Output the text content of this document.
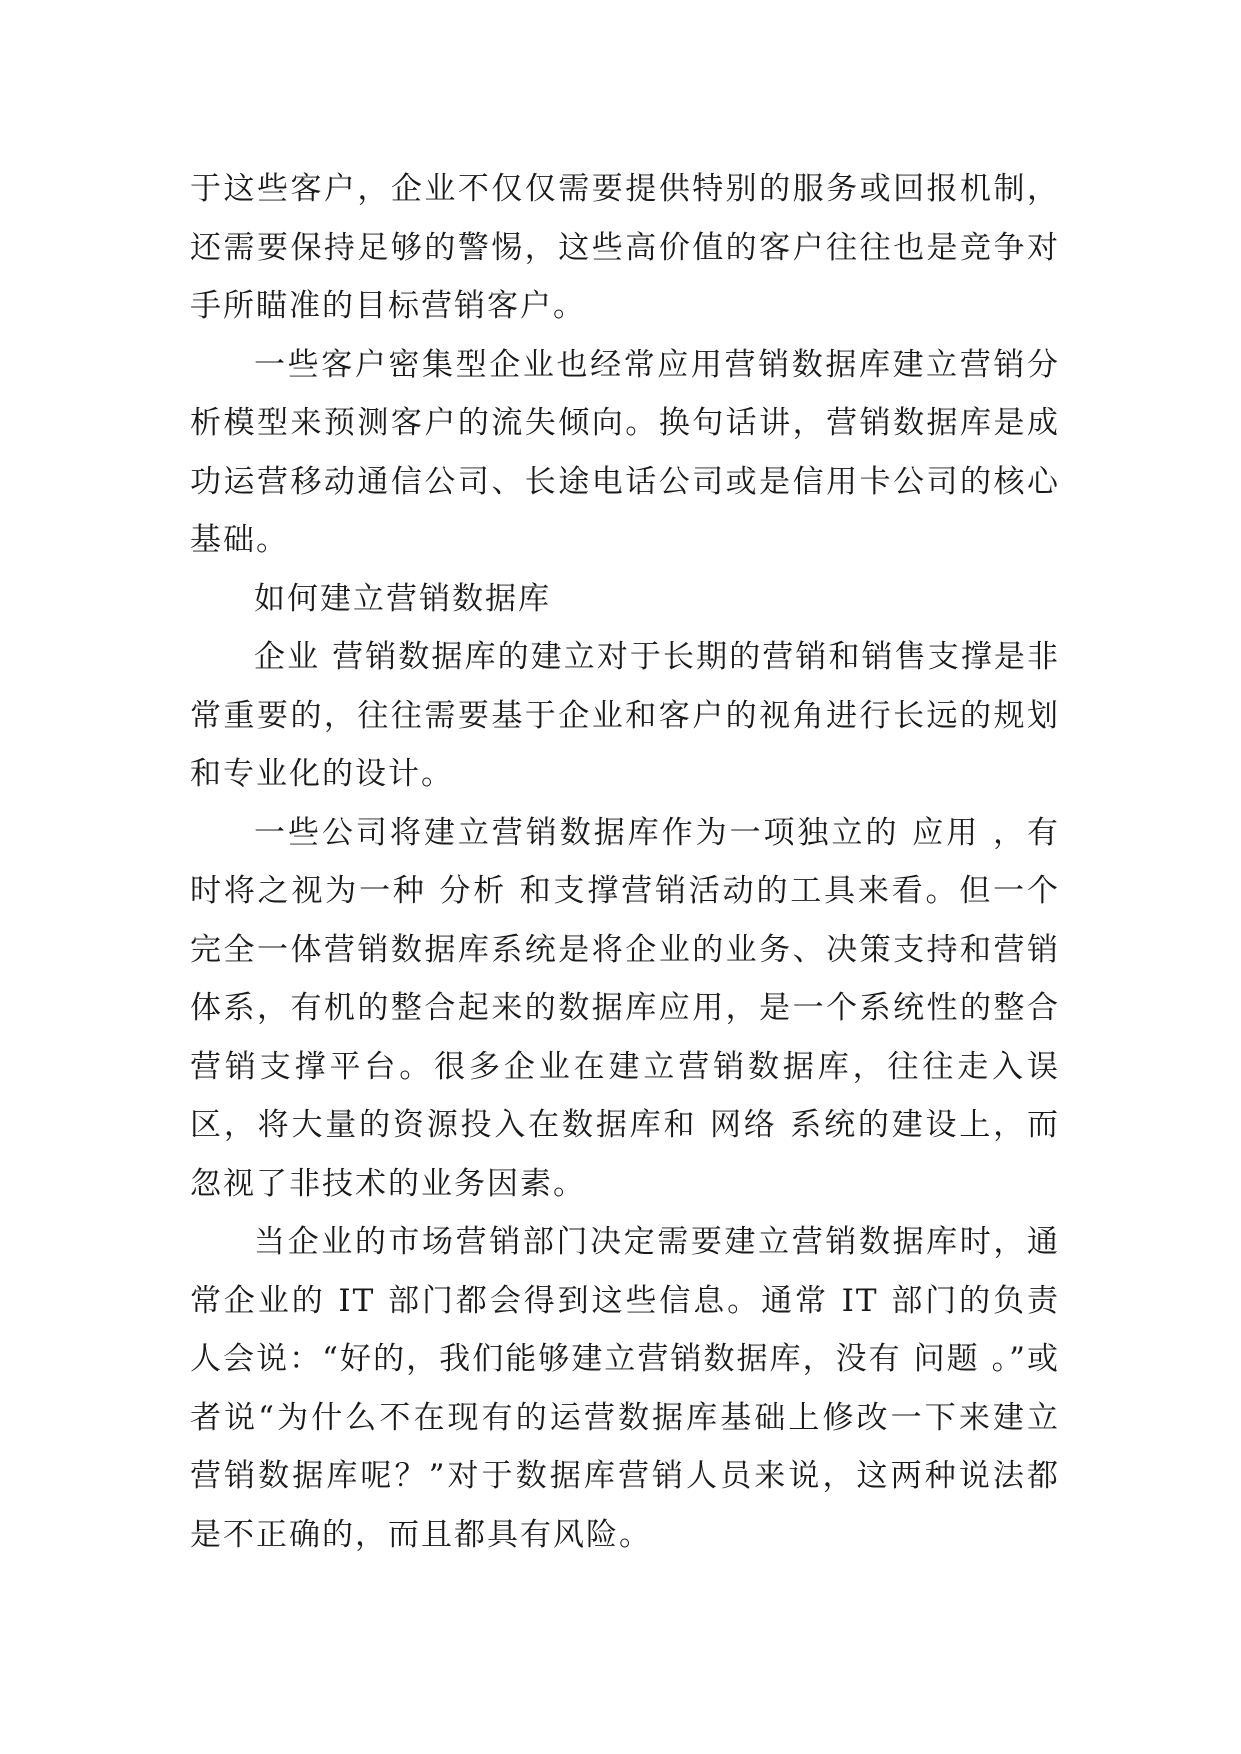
于这些客户，企业不仅仅需要提供特别的服务或回报机制，还需要保持足够的警惕，这些高价值的客户往往也是竞争对手所瞄准的目标营销客户。

一些客户密集型企业也经常应用营销数据库建立营销分析模型来预测客户的流失倾向。换句话讲，营销数据库是成功运营移动通信公司、长途电话公司或是信用卡公司的核心基础。

如何建立营销数据库

企业 营销数据库的建立对于长期的营销和销售支撑是非常重要的，往往需要基于企业和客户的视角进行长远的规划和专业化的设计。

一些公司将建立营销数据库作为一项独立的 应用 ，有时将之视为一种 分析 和支撑营销活动的工具来看。但一个完全一体营销数据库系统是将企业的业务、决策支持和营销体系，有机的整合起来的数据库应用，是一个系统性的整合营销支撑平台。很多企业在建立营销数据库，往往走入误区，将大量的资源投入在数据库和 网络 系统的建设上，而忽视了非技术的业务因素。

当企业的市场营销部门决定需要建立营销数据库时，通常企业的 IT 部门都会得到这些信息。通常 IT 部门的负责人会说：“好的，我们能够建立营销数据库，没有 问题 。”或者说“为什么不在现有的运营数据库基础上修改一下来建立营销数据库呢？”对于数据库营销人员来说，这两种说法都是不正确的，而且都具有风险。
